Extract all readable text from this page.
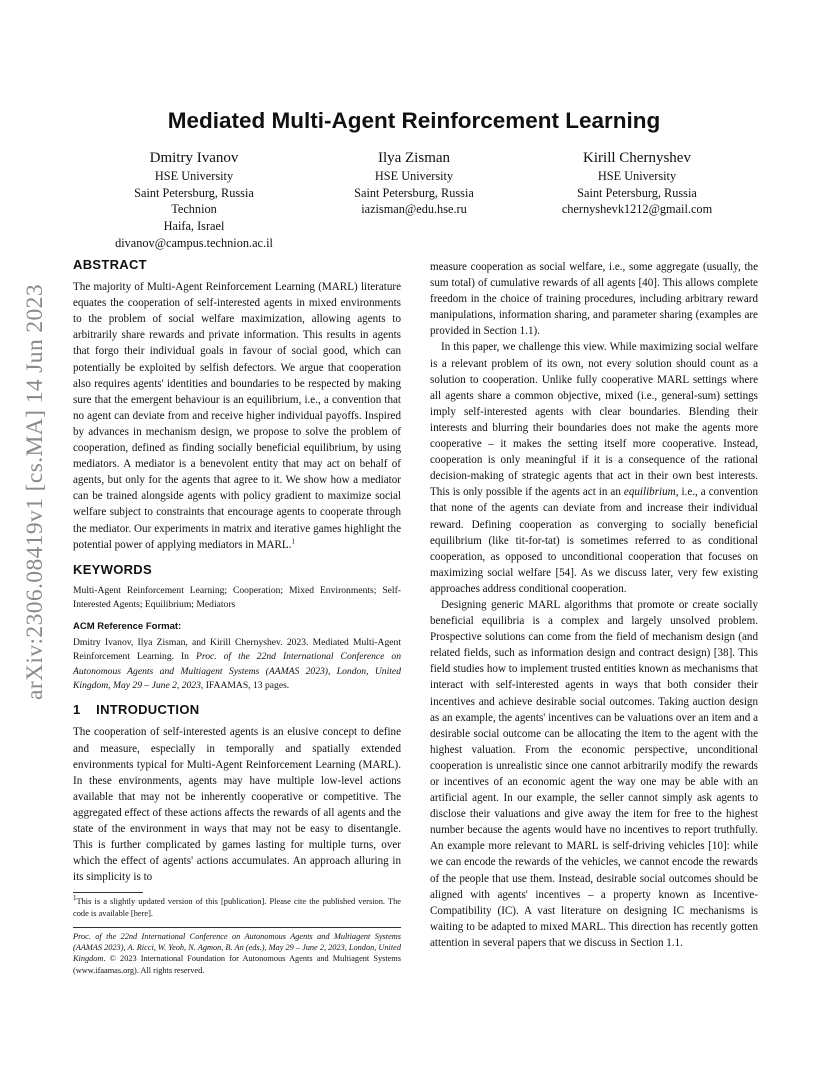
arXiv:2306.08419v1 [cs.MA] 14 Jun 2023
Mediated Multi-Agent Reinforcement Learning
Dmitry Ivanov
HSE University
Saint Petersburg, Russia
Technion
Haifa, Israel
divanov@campus.technion.ac.il
Ilya Zisman
HSE University
Saint Petersburg, Russia
iazisman@edu.hse.ru
Kirill Chernyshev
HSE University
Saint Petersburg, Russia
chernyshevk1212@gmail.com
ABSTRACT

The majority of Multi-Agent Reinforcement Learning (MARL) literature equates the cooperation of self-interested agents in mixed environments to the problem of social welfare maximization, allowing agents to arbitrarily share rewards and private information. This results in agents that forgo their individual goals in favour of social good, which can potentially be exploited by selfish defectors. We argue that cooperation also requires agents' identities and boundaries to be respected by making sure that the emergent behaviour is an equilibrium, i.e., a convention that no agent can deviate from and receive higher individual payoffs. Inspired by advances in mechanism design, we propose to solve the problem of cooperation, defined as finding socially beneficial equilibrium, by using mediators. A mediator is a benevolent entity that may act on behalf of agents, but only for the agents that agree to it. We show how a mediator can be trained alongside agents with policy gradient to maximize social welfare subject to constraints that encourage agents to cooperate through the mediator. Our experiments in matrix and iterative games highlight the potential power of applying mediators in MARL.$^1$

KEYWORDS

Multi-Agent Reinforcement Learning; Cooperation; Mixed Environments; Self-Interested Agents; Equilibrium; Mediators

ACM Reference Format:

Dmitry Ivanov, Ilya Zisman, and Kirill Chernyshev. 2023. Mediated Multi-Agent Reinforcement Learning. In Proc. of the 22nd International Conference on Autonomous Agents and Multiagent Systems (AAMAS 2023), London, United Kingdom, May 29 – June 2, 2023, IFAAMAS, 13 pages.

1    INTRODUCTION

The cooperation of self-interested agents is an elusive concept to define and measure, especially in temporally and spatially extended environments typical for Multi-Agent Reinforcement Learning (MARL). In these environments, agents may have multiple low-level actions available that may not be inherently cooperative or competitive. The aggregated effect of these actions affects the rewards of all agents and the state of the environment in ways that may not be easy to disentangle. This is further complicated by games lasting for multiple turns, over which the effect of agents' actions accumulates. An approach alluring in its simplicity is to

$^1$This is a slightly updated version of this [publication]. Please cite the published version. The code is available [here].

Proc. of the 22nd International Conference on Autonomous Agents and Multiagent Systems (AAMAS 2023), A. Ricci, W. Yeoh, N. Agmon, B. An (eds.), May 29 – June 2, 2023, London, United Kingdom. © 2023 International Foundation for Autonomous Agents and Multiagent Systems (www.ifaamas.org). All rights reserved.

measure cooperation as social welfare, i.e., some aggregate (usually, the sum total) of cumulative rewards of all agents [40]. This allows complete freedom in the choice of training procedures, including arbitrary reward manipulations, information sharing, and parameter sharing (examples are provided in Section 1.1).

In this paper, we challenge this view. While maximizing social welfare is a relevant problem of its own, not every solution should count as a solution to cooperation. Unlike fully cooperative MARL settings where all agents share a common objective, mixed (i.e., general-sum) settings imply self-interested agents with clear boundaries. Blending their interests and blurring their boundaries does not make the agents more cooperative – it makes the setting itself more cooperative. Instead, cooperation is only meaningful if it is a consequence of the rational decision-making of strategic agents that act in their own best interests. This is only possible if the agents act in an equilibrium, i.e., a convention that none of the agents can deviate from and increase their individual reward. Defining cooperation as converging to socially beneficial equilibrium (like tit-for-tat) is sometimes referred to as conditional cooperation, as opposed to unconditional cooperation that focuses on maximizing social welfare [54]. As we discuss later, very few existing approaches address conditional cooperation.

Designing generic MARL algorithms that promote or create socially beneficial equilibria is a complex and largely unsolved problem. Prospective solutions can come from the field of mechanism design (and related fields, such as information design and contract design) [38]. This field studies how to implement trusted entities known as mechanisms that interact with self-interested agents in ways that both consider their incentives and achieve desirable social outcomes. Taking auction design as an example, the agents' incentives can be valuations over an item and a desirable social outcome can be allocating the item to the agent with the highest valuation. From the economic perspective, unconditional cooperation is unrealistic since one cannot arbitrarily modify the rewards or incentives of an economic agent the way one may be able with an artificial agent. In our example, the seller cannot simply ask agents to disclose their valuations and give away the item for free to the highest number because the agents would have no incentives to report truthfully. An example more relevant to MARL is self-driving vehicles [10]: while we can encode the rewards of the vehicles, we cannot encode the rewards of the people that use them. Instead, desirable social outcomes should be aligned with agents' incentives – a property known as Incentive-Compatibility (IC). A vast literature on designing IC mechanisms is waiting to be adapted to mixed MARL. This direction has recently gotten attention in several papers that we discuss in Section 1.1.
